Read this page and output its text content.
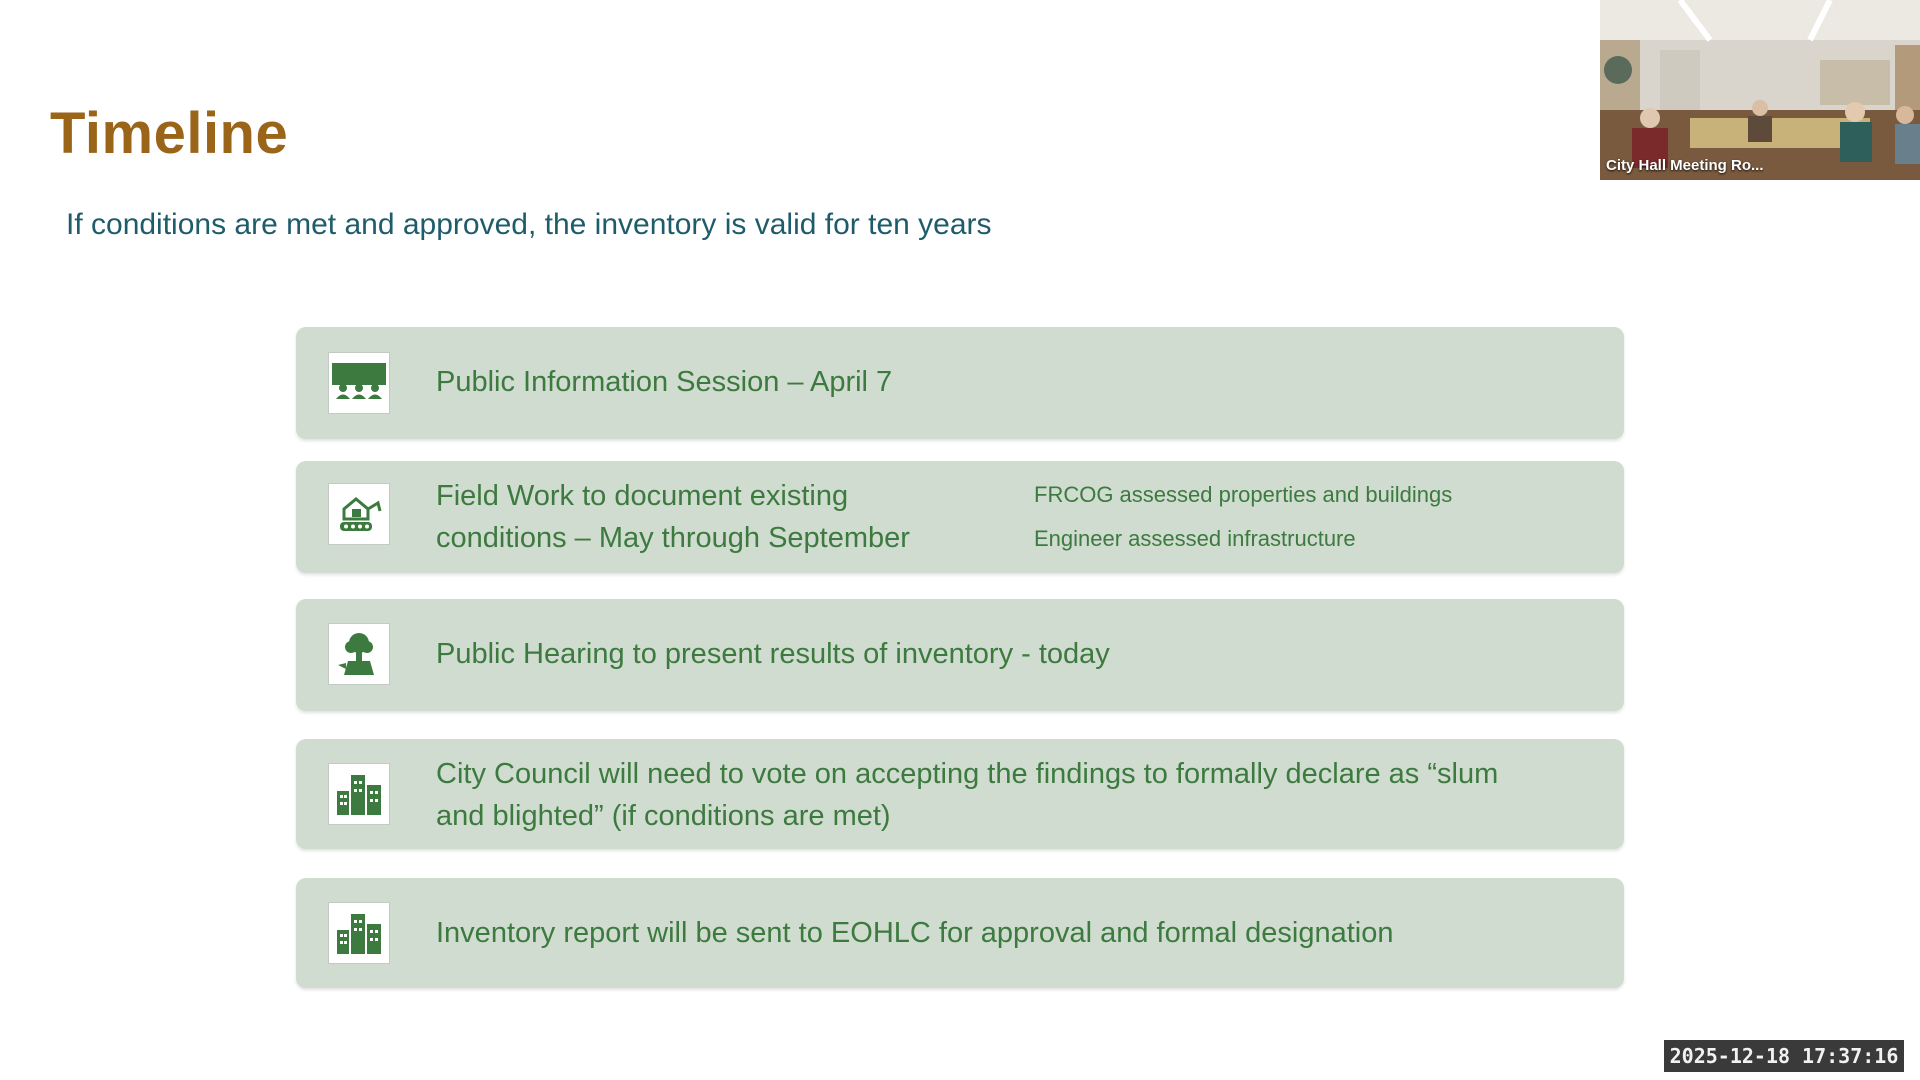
Timeline
If conditions are met and approved, the inventory is valid for ten years
Public Information Session – April 7
Field Work to document existing
conditions – May through September
FRCOG assessed properties and buildings
Engineer assessed infrastructure
Public Hearing to present results of inventory - today
City Council will need to vote on accepting the findings to formally declare as “slum
and blighted” (if conditions are met)
Inventory report will be sent to EOHLC for approval and formal designation
City Hall Meeting Ro...
2025-12-18 17:37:16
